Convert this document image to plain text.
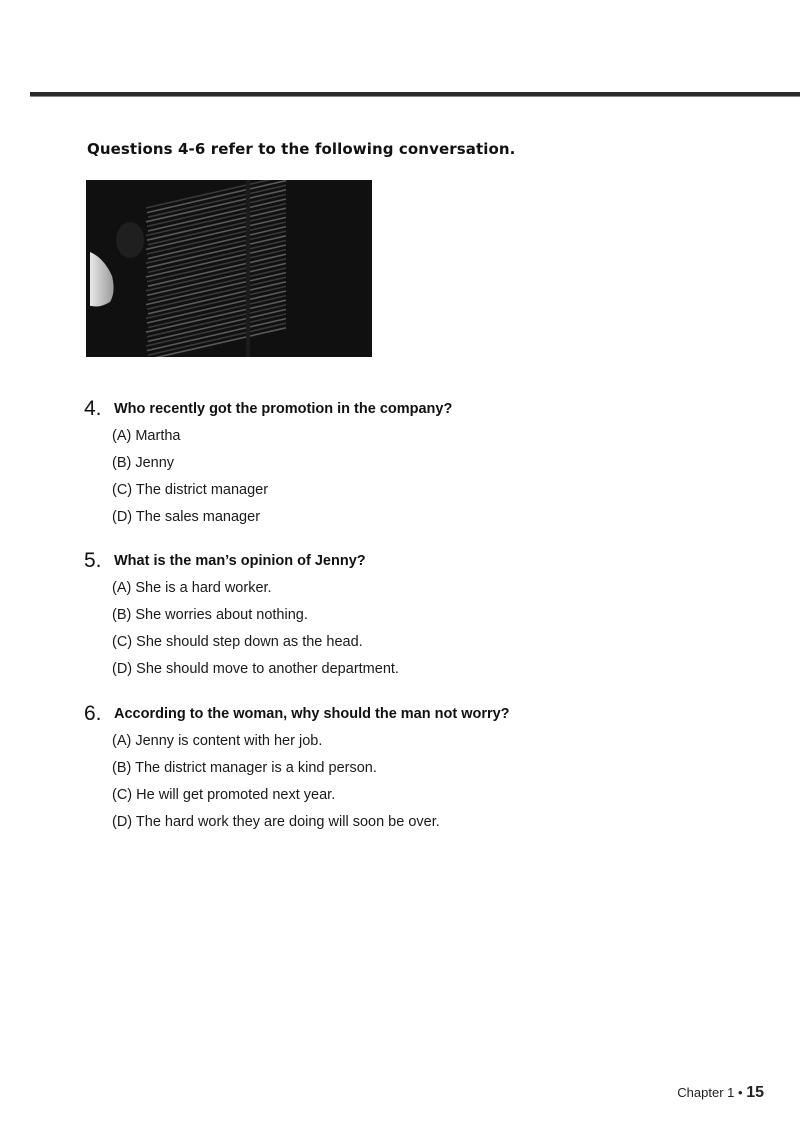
Questions 4-6 refer to the following conversation.
4. Who recently got the promotion in the company?
(A) Martha
(B) Jenny
(C) The district manager
(D) The sales manager
5. What is the man’s opinion of Jenny?
(A) She is a hard worker.
(B) She worries about nothing.
(C) She should step down as the head.
(D) She should move to another department.
6. According to the woman, why should the man not worry?
(A) Jenny is content with her job.
(B) The district manager is a kind person.
(C) He will get promoted next year.
(D) The hard work they are doing will soon be over.
Chapter 1 • 15
